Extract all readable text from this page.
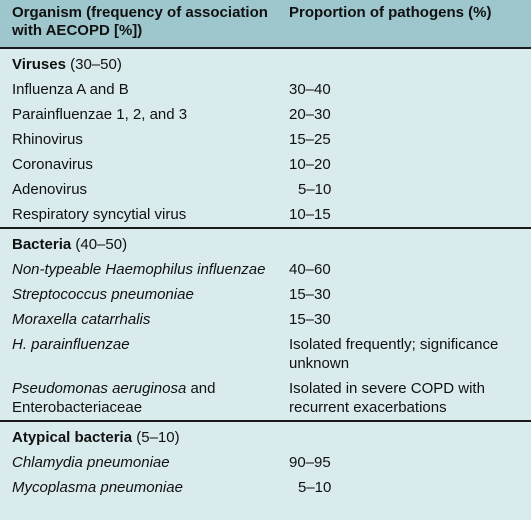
Organism (frequency of association with AECOPD [%])	Proportion of pathogens (%)
Viruses (30–50)	
Influenza A and B	30–40
Parainfluenzae 1, 2, and 3	20–30
Rhinovirus	15–25
Coronavirus	10–20
Adenovirus	5–10
Respiratory syncytial virus	10–15
Bacteria (40–50)	
Non-typeable Haemophilus influenzae	40–60
Streptococcus pneumoniae	15–30
Moraxella catarrhalis	15–30
H. parainfluenzae	Isolated frequently; significance unknown
Pseudomonas aeruginosa and Enterobacteriaceae	Isolated in severe COPD with recurrent exacerbations
Atypical bacteria (5–10)	
Chlamydia pneumoniae	90–95
Mycoplasma pneumoniae	5–10
